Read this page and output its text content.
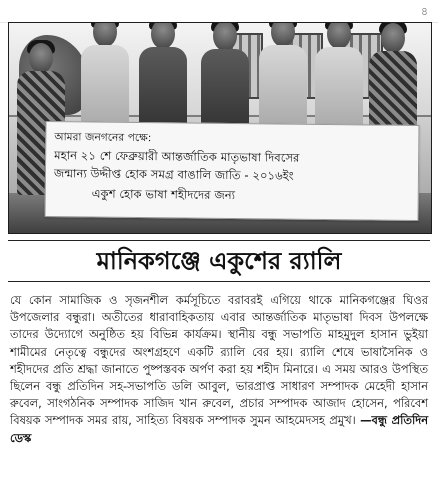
৪
আমরা জনগনের পক্ষে:
মহান ২১ শে ফেব্রুয়ারী আন্তর্জাতিক মাতৃভাষা দিবসের
জন্মান্য উদ্দীপ্ত হোক সমগ্র বাঙালি জাতি - ২০১৬ইং
একুশ হোক ভাষা শহীদদের জন্য
মানিকগঞ্জে একুশের র‍্যালি

যে কোন সামাজিক ও সৃজনশীল কর্মসূচিতে বরাবরই এগিয়ে থাকে মানিকগঞ্জের ঘিওর উপজেলার বন্ধুরা। অতীতের ধারাবাহিকতায় এবার আন্তর্জাতিক মাতৃভাষা দিবস উপলক্ষে তাদের উদ্যোগে অনুষ্ঠিত হয় বিভিন্ন কার্যক্রম। স্থানীয় বন্ধু সভাপতি মাহমুদুল হাসান ভুইয়া শামীমের নেতৃত্বে বন্ধুদের অংশগ্রহণে একটি র‍্যালি বের হয়। র‍্যালি শেষে ভাষাসৈনিক ও শহীদদের প্রতি শ্রদ্ধা জানাতে পুষ্পস্তবক অর্পণ করা হয় শহীদ মিনারে। এ সময় আরও উপস্থিত ছিলেন বন্ধু প্রতিদিন সহ-সভাপতি ডলি আবুল, ভারপ্রাপ্ত সাধারণ সম্পাদক মেহেদী হাসান রুবেল, সাংগঠনিক সম্পাদক সাজিদ খান রুবেল, প্রচার সম্পাদক আজাদ হোসেন, পরিবেশ বিষয়ক সম্পাদক সমর রায়, সাহিত্য বিষয়ক সম্পাদক সুমন আহমেদসহ প্রমুখ। —বন্ধু প্রতিদিন ডেস্ক
